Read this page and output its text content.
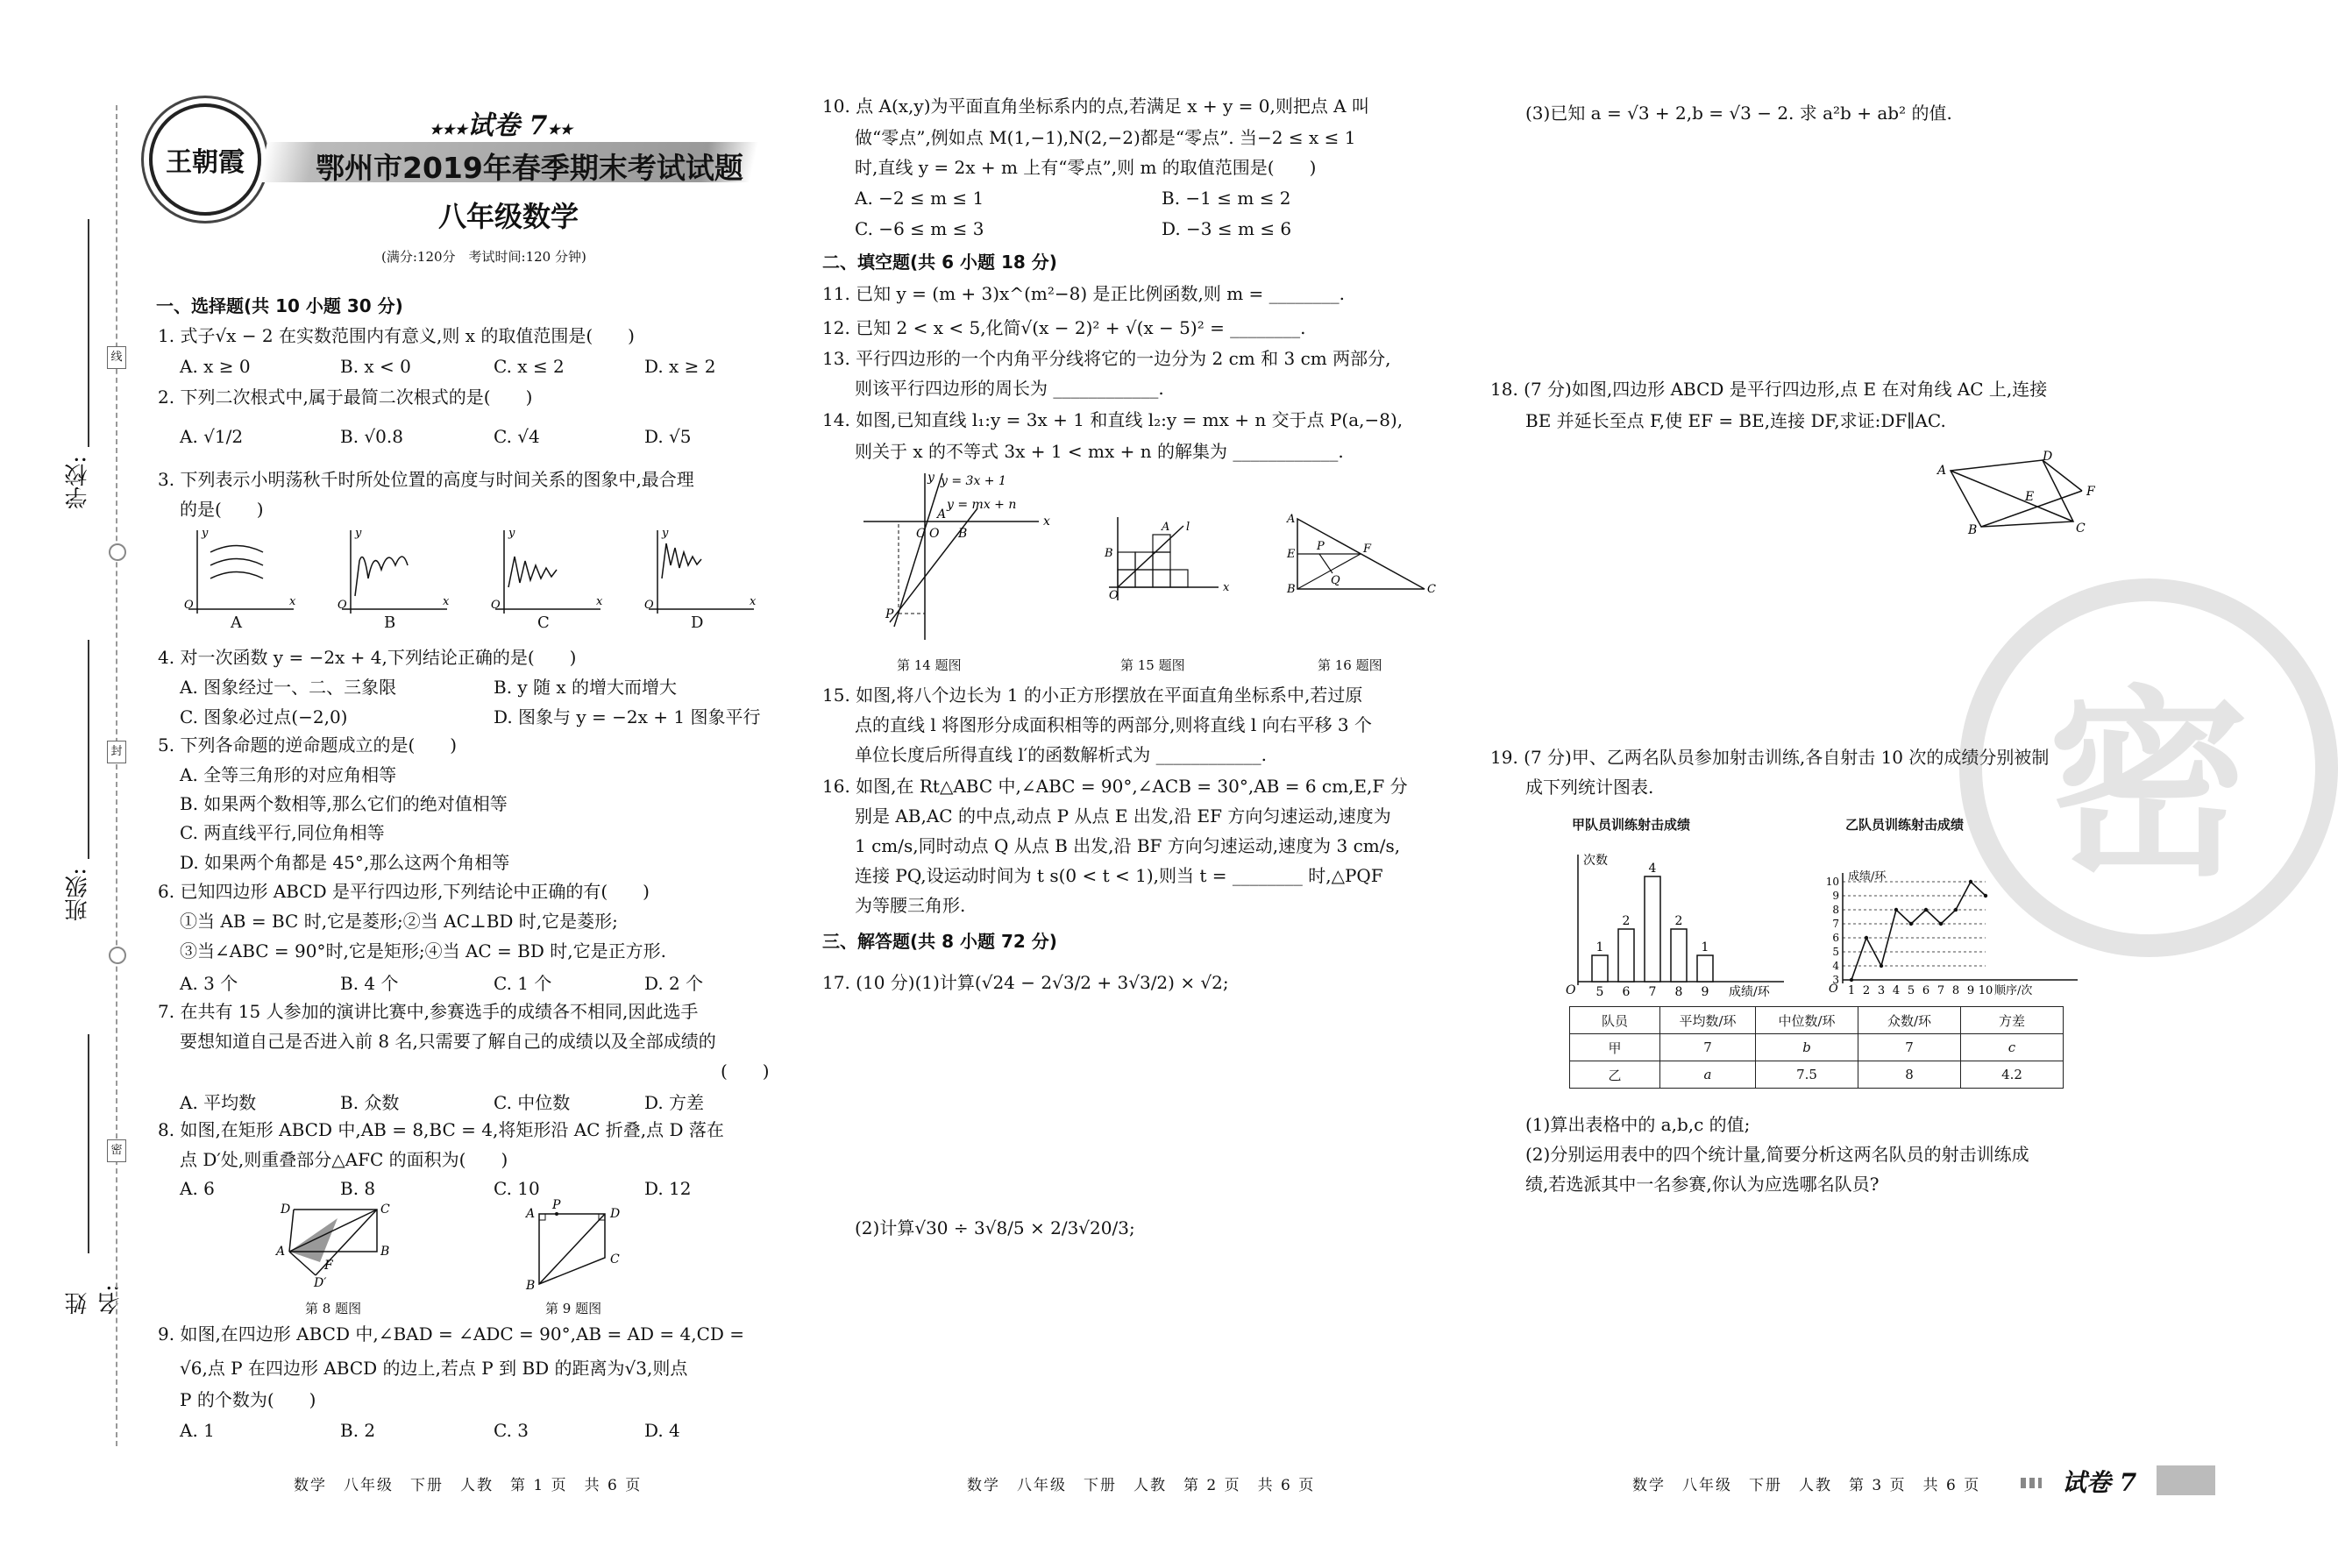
学校:
班级:
姓名:
线
封
密
王朝霞
★★★试卷 7★★
鄂州市2019年春季期末考试试题
八年级数学
(满分:120分　考试时间:120 分钟)
一、选择题(共 10 小题 30 分)
1. 式子√x − 2 在实数范围内有意义,则 x 的取值范围是(　　)
A. x ≥ 0	B. x < 0	C. x ≤ 2	D. x ≥ 2
2. 下列二次根式中,属于最简二次根式的是(　　)
A. √1/2	B. √0.8	C. √4	D. √5
3. 下列表示小明荡秋千时所处位置的高度与时间关系的图象中,最合理
的是(　　)
y
x
O
y
x
O
y
x
O
y
x
O
A	B	C	D
4. 对一次函数 y = −2x + 4,下列结论正确的是(　　)
A. 图象经过一、二、三象限	B. y 随 x 的增大而增大
C. 图象必过点(−2,0)	D. 图象与 y = −2x + 1 图象平行
5. 下列各命题的逆命题成立的是(　　)
A. 全等三角形的对应角相等
B. 如果两个数相等,那么它们的绝对值相等
C. 两直线平行,同位角相等
D. 如果两个角都是 45°,那么这两个角相等
6. 已知四边形 ABCD 是平行四边形,下列结论中正确的有(　　)
①当 AB = BC 时,它是菱形;②当 AC⊥BD 时,它是菱形;
③当∠ABC = 90°时,它是矩形;④当 AC = BD 时,它是正方形.
A. 3 个	B. 4 个	C. 1 个	D. 2 个
7. 在共有 15 人参加的演讲比赛中,参赛选手的成绩各不相同,因此选手
要想知道自己是否进入前 8 名,只需要了解自己的成绩以及全部成绩的
(　　)
A. 平均数	B. 众数	C. 中位数	D. 方差
8. 如图,在矩形 ABCD 中,AB = 8,BC = 4,将矩形沿 AC 折叠,点 D 落在
点 D′处,则重叠部分△AFC 的面积为(　　)
A. 6	B. 8	C. 10	D. 12
D	C
B
A
F
D′
第 8 题图
A
P
D
C
B
第 9 题图
9. 如图,在四边形 ABCD 中,∠BAD = ∠ADC = 90°,AB = AD = 4,CD =
√6,点 P 在四边形 ABCD 的边上,若点 P 到 BD 的距离为√3,则点
P 的个数为(　　)
A. 1	B. 2	C. 3	D. 4
数学　八年级　下册　人教　第 1 页　共 6 页
10. 点 A(x,y)为平面直角坐标系内的点,若满足 x + y = 0,则把点 A 叫
做“零点”,例如点 M(1,−1),N(2,−2)都是“零点”. 当−2 ≤ x ≤ 1
时,直线 y = 2x + m 上有“零点”,则 m 的取值范围是(　　)
A. −2 ≤ m ≤ 1	B. −1 ≤ m ≤ 2
C. −6 ≤ m ≤ 3	D. −3 ≤ m ≤ 6
二、填空题(共 6 小题 18 分)
11. 已知 y = (m + 3)x^(m²−8) 是正比例函数,则 m = ________.
12. 已知 2 < x < 5,化简√(x − 2)² + √(x − 5)² = ________.
13. 平行四边形的一个内角平分线将它的一边分为 2 cm 和 3 cm 两部分,
则该平行四边形的周长为 ____________.
14. 如图,已知直线 l₁:y = 3x + 1 和直线 l₂:y = mx + n 交于点 P(a,−8),
则关于 x 的不等式 3x + 1 < mx + n 的解集为 ____________.
y
x
y = 3x + 1
y = mx + n
C O
A
B
P
B
A l
x
O
A
E
B	C
F
P
Q
第 14 题图	第 15 题图	第 16 题图
15. 如图,将八个边长为 1 的小正方形摆放在平面直角坐标系中,若过原
点的直线 l 将图形分成面积相等的两部分,则将直线 l 向右平移 3 个
单位长度后所得直线 l′的函数解析式为 ____________.
16. 如图,在 Rt△ABC 中,∠ABC = 90°,∠ACB = 30°,AB = 6 cm,E,F 分
别是 AB,AC 的中点,动点 P 从点 E 出发,沿 EF 方向匀速运动,速度为
1 cm/s,同时动点 Q 从点 B 出发,沿 BF 方向匀速运动,速度为 3 cm/s,
连接 PQ,设运动时间为 t s(0 < t < 1),则当 t = ________ 时,△PQF
为等腰三角形.
三、解答题(共 8 小题 72 分)
17. (10 分)(1)计算(√24 − 2√3/2 + 3√3/2) × √2;
(2)计算√30 ÷ 3√8/5 × 2/3√20/3;
数学　八年级　下册　人教　第 2 页　共 6 页
(3)已知 a = √3 + 2,b = √3 − 2. 求 a²b + ab² 的值.
18. (7 分)如图,四边形 ABCD 是平行四边形,点 E 在对角线 AC 上,连接
BE 并延长至点 F,使 EF = BE,连接 DF,求证:DF∥AC.
A
D
F
E
C
B
密
19. (7 分)甲、乙两名队员参加射击训练,各自射击 10 次的成绩分别被制
成下列统计图表.
甲队员训练射击成绩	乙队员训练射击成绩
次数
成绩/环
O
1
5
2
6
4
7
2
8
1
9
成绩/环
顺序/次
O
3
4
5
6
7
8
9
10
1 2 3 4 5 6 7 8 9 10
队员	平均数/环	中位数/环	众数/环	方差
甲	7	b	7	c
乙	a	7.5	8	4.2
(1)算出表格中的 a,b,c 的值;
(2)分别运用表中的四个统计量,简要分析这两名队员的射击训练成
绩,若选派其中一名参赛,你认为应选哪名队员?
数学　八年级　下册　人教　第 3 页　共 6 页	试卷 7
